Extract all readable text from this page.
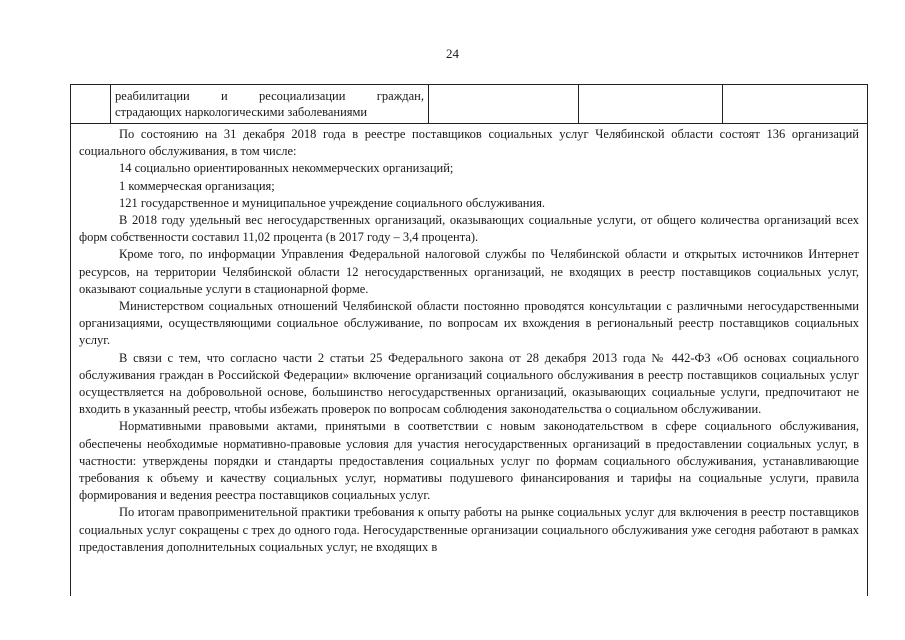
24
реабилитации и ресоциализации граждан,
страдающих наркологическими заболеваниями

По состоянию на 31 декабря 2018 года в реестре поставщиков социальных услуг Челябинской области состоят 136 организаций социального обслуживания, в том числе:

14 социально ориентированных некоммерческих организаций;

1 коммерческая организация;

121 государственное и муниципальное учреждение социального обслуживания.

В 2018 году удельный вес негосударственных организаций, оказывающих социальные услуги, от общего количества организаций всех форм собственности составил 11,02 процента (в 2017 году – 3,4 процента).

Кроме того, по информации Управления Федеральной налоговой службы по Челябинской области и открытых источников Интернет ресурсов, на территории Челябинской области 12 негосударственных организаций, не входящих в реестр поставщиков социальных услуг, оказывают социальные услуги в стационарной форме.

Министерством социальных отношений Челябинской области постоянно проводятся консультации с различными негосударственными организациями, осуществляющими социальное обслуживание, по вопросам их вхождения в региональный реестр поставщиков социальных услуг.

В связи с тем, что согласно части 2 статьи 25 Федерального закона от 28 декабря 2013 года № 442-ФЗ «Об основах социального обслуживания граждан в Российской Федерации» включение организаций социального обслуживания в реестр поставщиков социальных услуг осуществляется на добровольной основе, большинство негосударственных организаций, оказывающих социальные услуги, предпочитают не входить в указанный реестр, чтобы избежать проверок по вопросам соблюдения законодательства о социальном обслуживании.

Нормативными правовыми актами, принятыми в соответствии с новым законодательством в сфере социального обслуживания, обеспечены необходимые нормативно-правовые условия для участия негосударственных организаций в предоставлении социальных услуг, в частности: утверждены порядки и стандарты предоставления социальных услуг по формам социального обслуживания, устанавливающие требования к объему и качеству социальных услуг, нормативы подушевого финансирования и тарифы на социальные услуги, правила формирования и ведения реестра поставщиков социальных услуг.

По итогам правоприменительной практики требования к опыту работы на рынке социальных услуг для включения в реестр поставщиков социальных услуг сокращены с трех до одного года. Негосударственные организации социального обслуживания уже сегодня работают в рамках предоставления дополнительных социальных услуг, не входящих в
